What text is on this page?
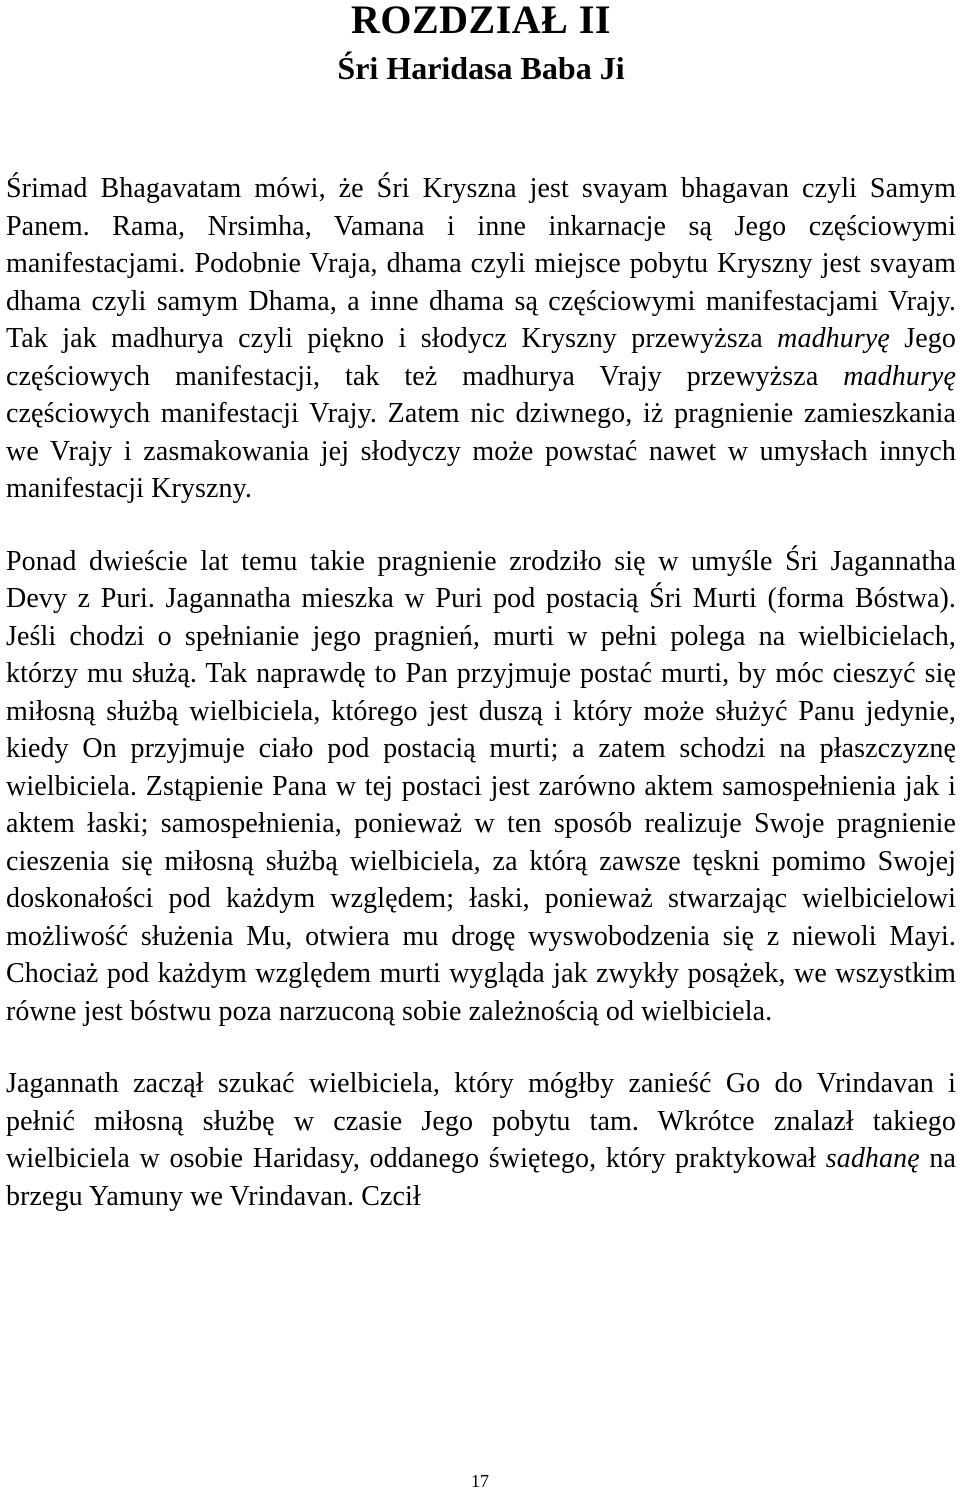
ROZDZIAŁ II
Śri Haridasa Baba Ji

Śrimad Bhagavatam mówi, że Śri Kryszna jest svayam bhagavan czyli Samym Panem. Rama, Nrsimha, Vamana i inne inkarnacje są Jego częściowymi manifestacjami. Podobnie Vraja, dhama czyli miejsce pobytu Kryszny jest svayam dhama czyli samym Dhama, a inne dhama są częściowymi manifestacjami Vrajy. Tak jak madhurya czyli piękno i słodycz Kryszny przewyższa madhuryę Jego częściowych manifestacji, tak też madhurya Vrajy przewyższa madhuryę częściowych manifestacji Vrajy. Zatem nic dziwnego, iż pragnienie zamieszkania we Vrajy i zasmakowania jej słodyczy może powstać nawet w umysłach innych manifestacji Kryszny.

Ponad dwieście lat temu takie pragnienie zrodziło się w umyśle Śri Jagannatha Devy z Puri. Jagannatha mieszka w Puri pod postacią Śri Murti (forma Bóstwa). Jeśli chodzi o spełnianie jego pragnień, murti w pełni polega na wielbicielach, którzy mu służą. Tak naprawdę to Pan przyjmuje postać murti, by móc cieszyć się miłosną służbą wielbiciela, którego jest duszą i który może służyć Panu jedynie, kiedy On przyjmuje ciało pod postacią murti; a zatem schodzi na płaszczyznę wielbiciela. Zstąpienie Pana w tej postaci jest zarówno aktem samospełnienia jak i aktem łaski; samospełnienia, ponieważ w ten sposób realizuje Swoje pragnienie cieszenia się miłosną służbą wielbiciela, za którą zawsze tęskni pomimo Swojej doskonałości pod każdym względem; łaski, ponieważ stwarzając wielbicielowi możliwość służenia Mu, otwiera mu drogę wyswobodzenia się z niewoli Mayi. Chociaż pod każdym względem murti wygląda jak zwykły posążek, we wszystkim równe jest bóstwu poza narzuconą sobie zależnością od wielbiciela.

Jagannath zaczął szukać wielbiciela, który mógłby zanieść Go do Vrindavan i pełnić miłosną służbę w czasie Jego pobytu tam. Wkrótce znalazł takiego wielbiciela w osobie Haridasy, oddanego świętego, który praktykował sadhanę na brzegu Yamuny we Vrindavan. Czcił

17
